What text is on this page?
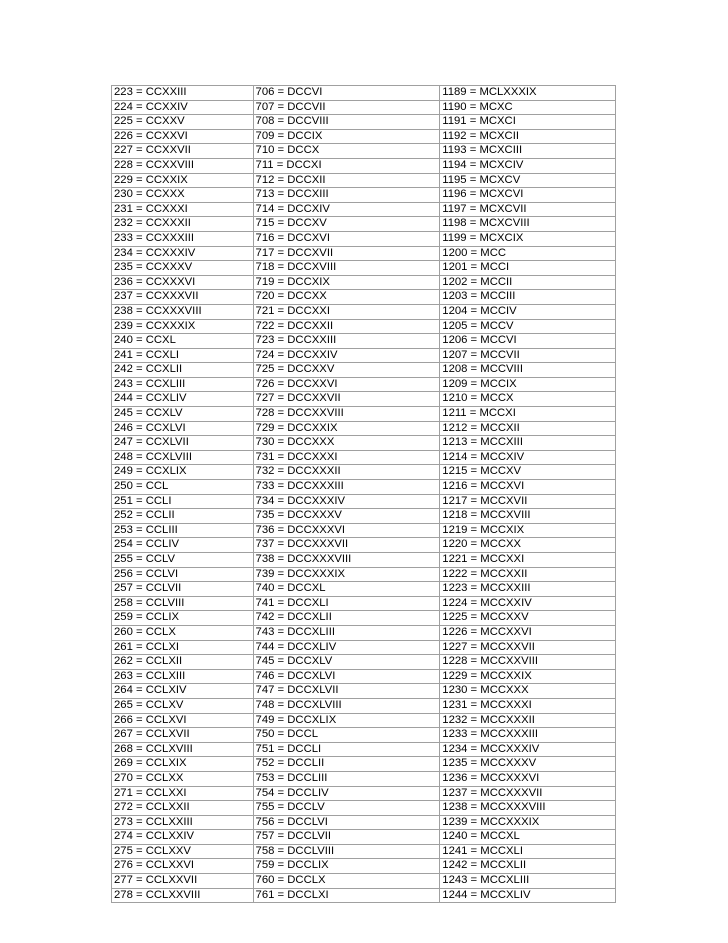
223 = CCXXIII	706 = DCCVI	1189 = MCLXXXIX
224 = CCXXIV	707 = DCCVII	1190 = MCXC
225 = CCXXV	708 = DCCVIII	1191 = MCXCI
226 = CCXXVI	709 = DCCIX	1192 = MCXCII
227 = CCXXVII	710 = DCCX	1193 = MCXCIII
228 = CCXXVIII	711 = DCCXI	1194 = MCXCIV
229 = CCXXIX	712 = DCCXII	1195 = MCXCV
230 = CCXXX	713 = DCCXIII	1196 = MCXCVI
231 = CCXXXI	714 = DCCXIV	1197 = MCXCVII
232 = CCXXXII	715 = DCCXV	1198 = MCXCVIII
233 = CCXXXIII	716 = DCCXVI	1199 = MCXCIX
234 = CCXXXIV	717 = DCCXVII	1200 = MCC
235 = CCXXXV	718 = DCCXVIII	1201 = MCCI
236 = CCXXXVI	719 = DCCXIX	1202 = MCCII
237 = CCXXXVII	720 = DCCXX	1203 = MCCIII
238 = CCXXXVIII	721 = DCCXXI	1204 = MCCIV
239 = CCXXXIX	722 = DCCXXII	1205 = MCCV
240 = CCXL	723 = DCCXXIII	1206 = MCCVI
241 = CCXLI	724 = DCCXXIV	1207 = MCCVII
242 = CCXLII	725 = DCCXXV	1208 = MCCVIII
243 = CCXLIII	726 = DCCXXVI	1209 = MCCIX
244 = CCXLIV	727 = DCCXXVII	1210 = MCCX
245 = CCXLV	728 = DCCXXVIII	1211 = MCCXI
246 = CCXLVI	729 = DCCXXIX	1212 = MCCXII
247 = CCXLVII	730 = DCCXXX	1213 = MCCXIII
248 = CCXLVIII	731 = DCCXXXI	1214 = MCCXIV
249 = CCXLIX	732 = DCCXXXII	1215 = MCCXV
250 = CCL	733 = DCCXXXIII	1216 = MCCXVI
251 = CCLI	734 = DCCXXXIV	1217 = MCCXVII
252 = CCLII	735 = DCCXXXV	1218 = MCCXVIII
253 = CCLIII	736 = DCCXXXVI	1219 = MCCXIX
254 = CCLIV	737 = DCCXXXVII	1220 = MCCXX
255 = CCLV	738 = DCCXXXVIII	1221 = MCCXXI
256 = CCLVI	739 = DCCXXXIX	1222 = MCCXXII
257 = CCLVII	740 = DCCXL	1223 = MCCXXIII
258 = CCLVIII	741 = DCCXLI	1224 = MCCXXIV
259 = CCLIX	742 = DCCXLII	1225 = MCCXXV
260 = CCLX	743 = DCCXLIII	1226 = MCCXXVI
261 = CCLXI	744 = DCCXLIV	1227 = MCCXXVII
262 = CCLXII	745 = DCCXLV	1228 = MCCXXVIII
263 = CCLXIII	746 = DCCXLVI	1229 = MCCXXIX
264 = CCLXIV	747 = DCCXLVII	1230 = MCCXXX
265 = CCLXV	748 = DCCXLVIII	1231 = MCCXXXI
266 = CCLXVI	749 = DCCXLIX	1232 = MCCXXXII
267 = CCLXVII	750 = DCCL	1233 = MCCXXXIII
268 = CCLXVIII	751 = DCCLI	1234 = MCCXXXIV
269 = CCLXIX	752 = DCCLII	1235 = MCCXXXV
270 = CCLXX	753 = DCCLIII	1236 = MCCXXXVI
271 = CCLXXI	754 = DCCLIV	1237 = MCCXXXVII
272 = CCLXXII	755 = DCCLV	1238 = MCCXXXVIII
273 = CCLXXIII	756 = DCCLVI	1239 = MCCXXXIX
274 = CCLXXIV	757 = DCCLVII	1240 = MCCXL
275 = CCLXXV	758 = DCCLVIII	1241 = MCCXLI
276 = CCLXXVI	759 = DCCLIX	1242 = MCCXLII
277 = CCLXXVII	760 = DCCLX	1243 = MCCXLIII
278 = CCLXXVIII	761 = DCCLXI	1244 = MCCXLIV
